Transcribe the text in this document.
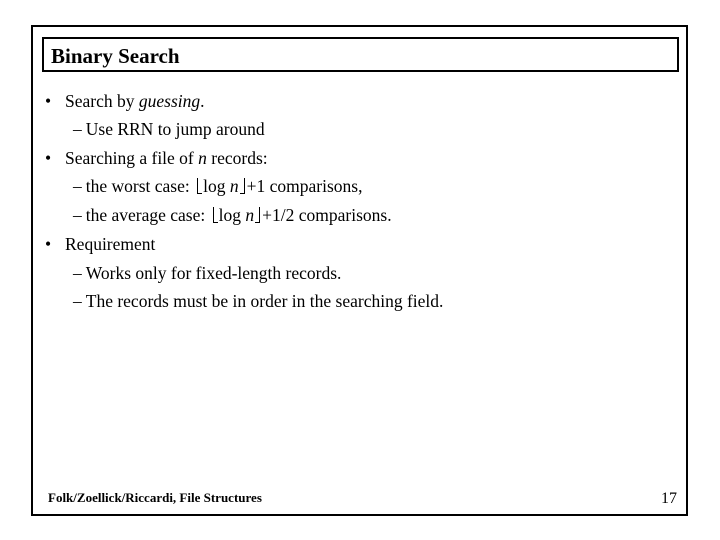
Binary Search
• Search by guessing.
– Use RRN to jump around
• Searching a file of n records:
– the worst case: log n +1 comparisons,
– the average case: log n +1/2 comparisons.
• Requirement
– Works only for fixed-length records.
– The records must be in order in the searching field.
Folk/Zoellick/Riccardi, File Structures	17
